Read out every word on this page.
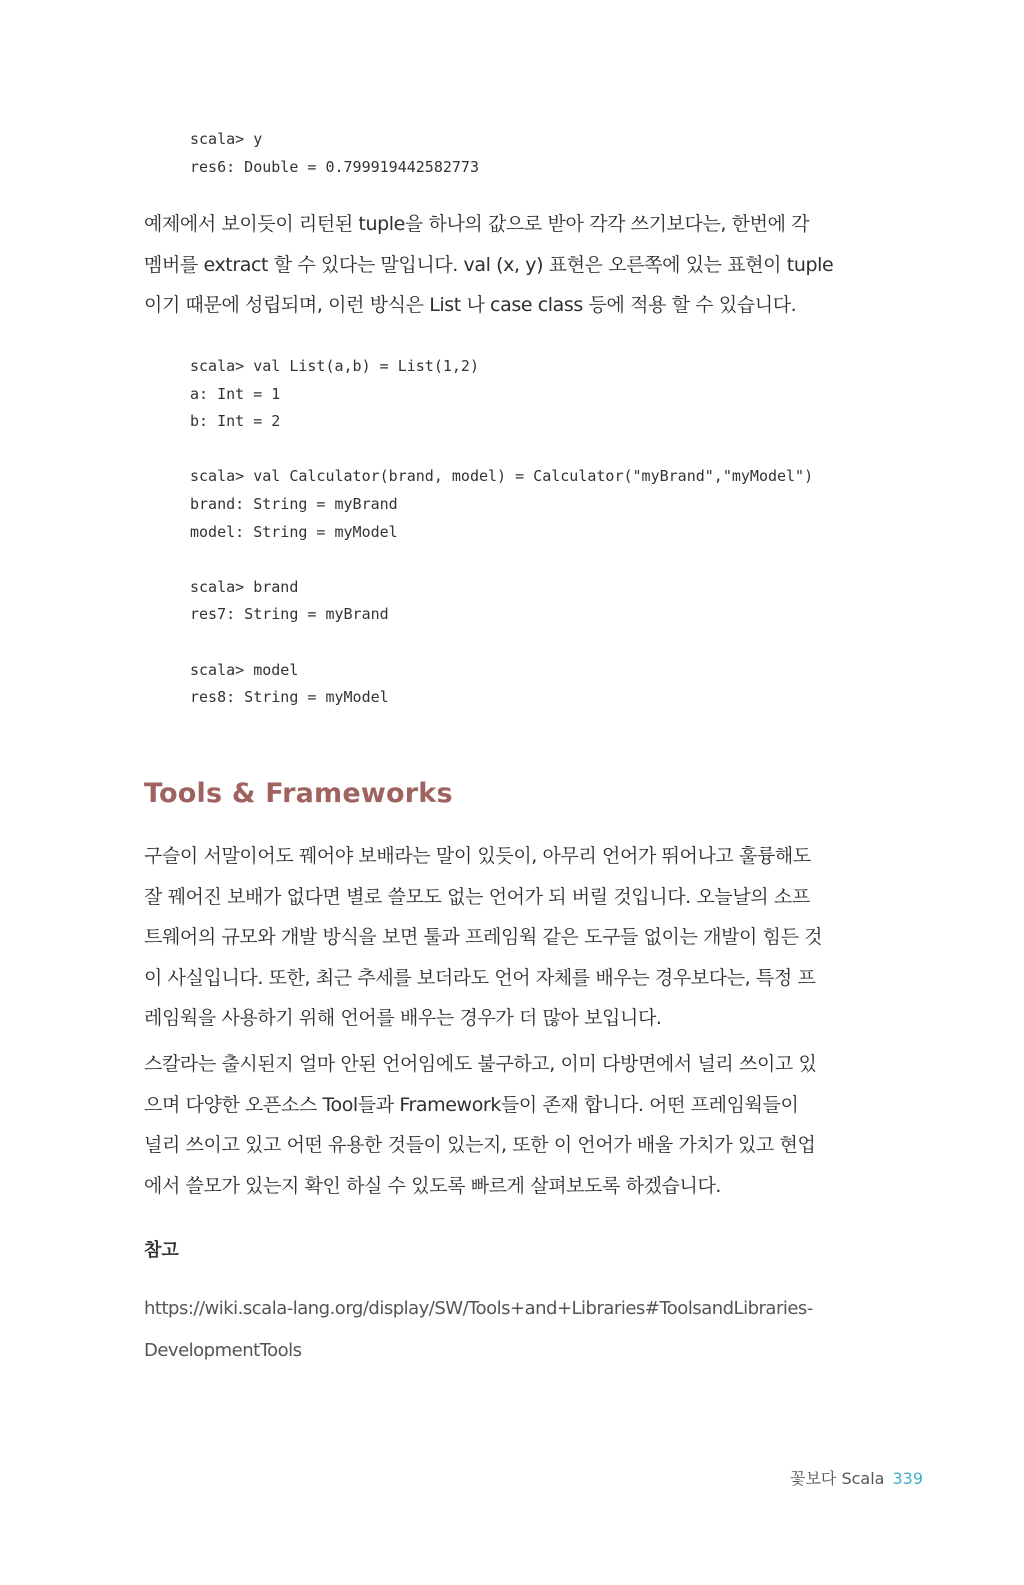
scala> y
res6: Double = 0.799919442582773
예제에서 보이듯이 리턴된 tuple을 하나의 값으로 받아 각각 쓰기보다는, 한번에 각
멤버를 extract 할 수 있다는 말입니다. val (x, y) 표현은 오른쪽에 있는 표현이 tuple
이기 때문에 성립되며, 이런 방식은 List 나 case class 등에 적용 할 수 있습니다.
scala> val List(a,b) = List(1,2)
a: Int = 1
b: Int = 2
scala> val Calculator(brand, model) = Calculator("myBrand","myModel")
brand: String = myBrand
model: String = myModel
scala> brand
res7: String = myBrand
scala> model
res8: String = myModel
Tools & Frameworks
구슬이 서말이어도 꿰어야 보배라는 말이 있듯이, 아무리 언어가 뛰어나고 훌륭해도
잘 꿰어진 보배가 없다면 별로 쓸모도 없는 언어가 되 버릴 것입니다. 오늘날의 소프
트웨어의 규모와 개발 방식을 보면 툴과 프레임웍 같은 도구들 없이는 개발이 힘든 것
이 사실입니다. 또한, 최근 추세를 보더라도 언어 자체를 배우는 경우보다는, 특정 프
레임웍을 사용하기 위해 언어를 배우는 경우가 더 많아 보입니다.
스칼라는 출시된지 얼마 안된 언어임에도 불구하고, 이미 다방면에서 널리 쓰이고 있
으며 다양한 오픈소스 Tool들과 Framework들이 존재 합니다. 어떤 프레임웍들이
널리 쓰이고 있고 어떤 유용한 것들이 있는지, 또한 이 언어가 배울 가치가 있고 현업
에서 쓸모가 있는지 확인 하실 수 있도록 빠르게 살펴보도록 하겠습니다.
참고
https://wiki.scala-lang.org/display/SW/Tools+and+Libraries#ToolsandLibraries-
DevelopmentTools
꽃보다 Scala 339
